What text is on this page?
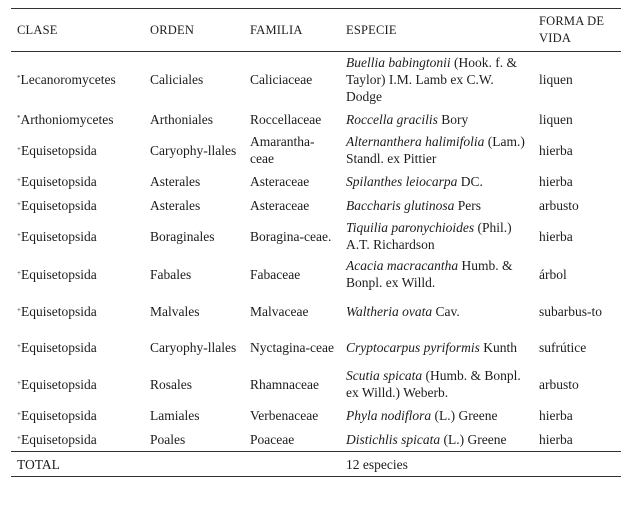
CLASE	ORDEN	FAMILIA	ESPECIE	FORMA DE VIDA
*Lecanoromycetes	Caliciales	Caliciaceae	Buellia babingtonii (Hook. f. & Taylor) I.M. Lamb ex C.W. Dodge	liquen
*Arthoniomycetes	Arthoniales	Roccellaceae	Roccella gracilis Bory	liquen
+Equisetopsida	Caryophy-llales	Amarantha-ceae	Alternanthera halimifolia (Lam.) Standl. ex Pittier	hierba
+Equisetopsida	Asterales	Asteraceae	Spilanthes leiocarpa DC.	hierba
+Equisetopsida	Asterales	Asteraceae	Baccharis glutinosa Pers	arbusto
+Equisetopsida	Boraginales	Boragina-ceae.	Tiquilia paronychioides (Phil.) A.T. Richardson	hierba
+Equisetopsida	Fabales	Fabaceae	Acacia macracantha Humb. & Bonpl. ex Willd.	árbol
+Equisetopsida	Malvales	Malvaceae	Waltheria ovata Cav.	subarbus-to
+Equisetopsida	Caryophy-llales	Nyctagina-ceae	Cryptocarpus pyriformis Kunth	sufrútice
+Equisetopsida	Rosales	Rhamnaceae	Scutia spicata (Humb. & Bonpl. ex Willd.) Weberb.	arbusto
+Equisetopsida	Lamiales	Verbenaceae	Phyla nodiflora (L.) Greene	hierba
+Equisetopsida	Poales	Poaceae	Distichlis spicata (L.) Greene	hierba
TOTAL			12 especies	
